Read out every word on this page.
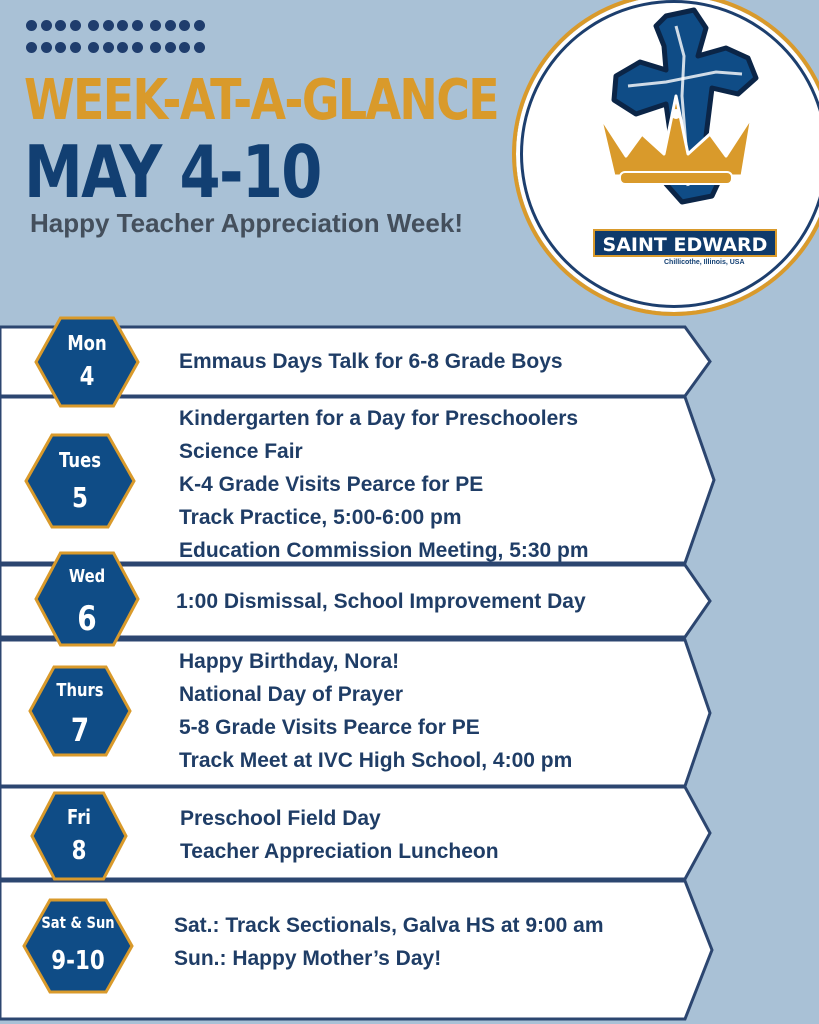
WEEK-AT-A-GLANCE
MAY 4-10
Happy Teacher Appreciation Week!
SAINT EDWARD
Chillicothe, Illinois, USA
Emmaus Days Talk for 6-8 Grade Boys
Mon
4
Kindergarten for a Day for Preschoolers
Science Fair
K-4 Grade Visits Pearce for PE
Track Practice, 5:00-6:00 pm
Education Commission Meeting, 5:30 pm
Tues
5
1:00 Dismissal, School Improvement Day
Wed
6
Happy Birthday, Nora!
National Day of Prayer
5-8 Grade Visits Pearce for PE
Track Meet at IVC High School, 4:00 pm
Thurs
7
Preschool Field Day
Teacher Appreciation Luncheon
Fri
8
Sat.: Track Sectionals, Galva HS at 9:00 am
Sun.: Happy Mother’s Day!
Sat & Sun
9-10
